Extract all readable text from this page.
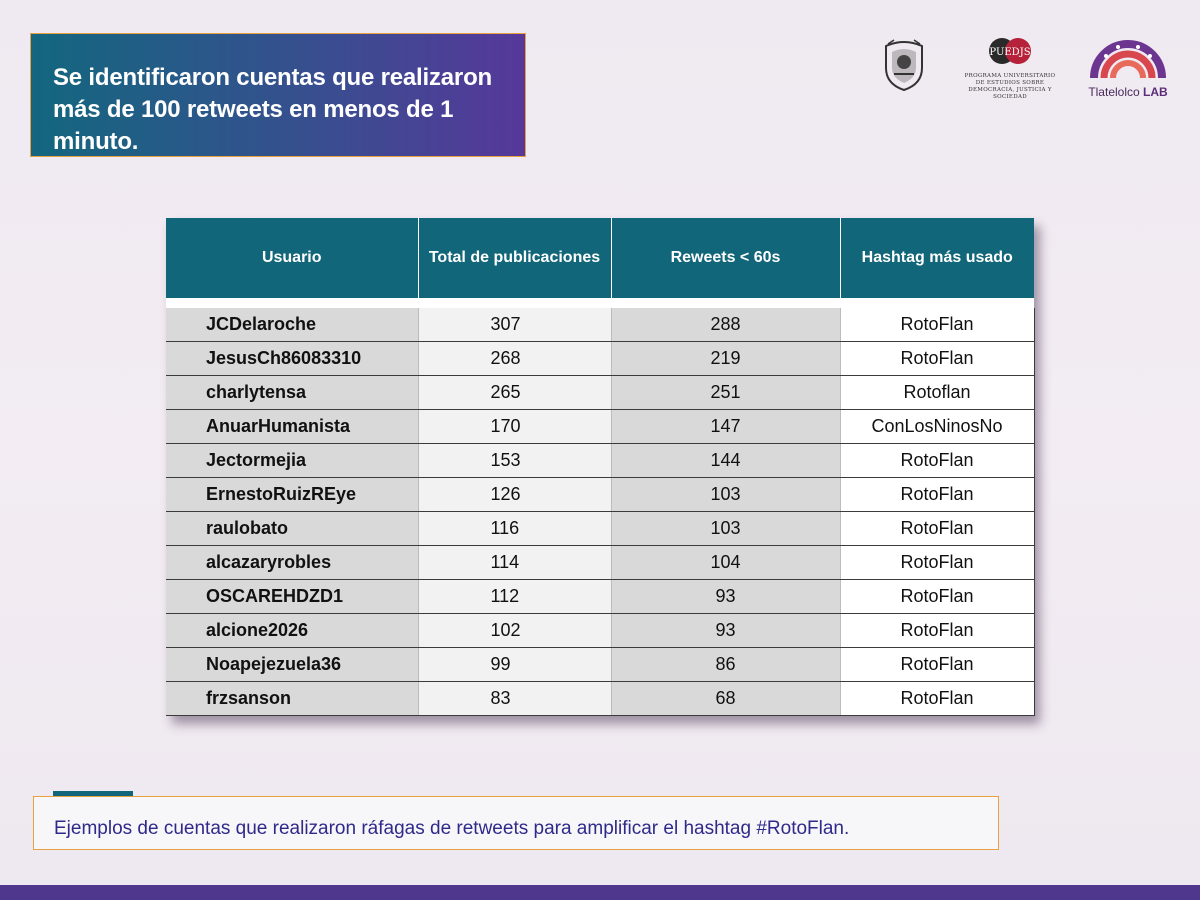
Se identificaron cuentas que realizaron más de 100 retweets en menos de 1 minuto.
PUEDJS
PROGRAMA UNIVERSITARIO
DE ESTUDIOS SOBRE
DEMOCRACIA, JUSTICIA Y SOCIEDAD	Tlatelolco LAB
Usuario	Total de publicaciones	Reweets < 60s	Hashtag más usado

JCDelaroche	307	288	RotoFlan
JesusCh86083310	268	219	RotoFlan
charlytensa	265	251	Rotoflan
AnuarHumanista	170	147	ConLosNinosNo
Jectormejia	153	144	RotoFlan
ErnestoRuizREye	126	103	RotoFlan
raulobato	116	103	RotoFlan
alcazaryrobles	114	104	RotoFlan
OSCAREHDZD1	112	93	RotoFlan
alcione2026	102	93	RotoFlan
Noapejezuela36	99	86	RotoFlan
frzsanson	83	68	RotoFlan
Ejemplos de cuentas que realizaron ráfagas de retweets para amplificar el hashtag #RotoFlan.
